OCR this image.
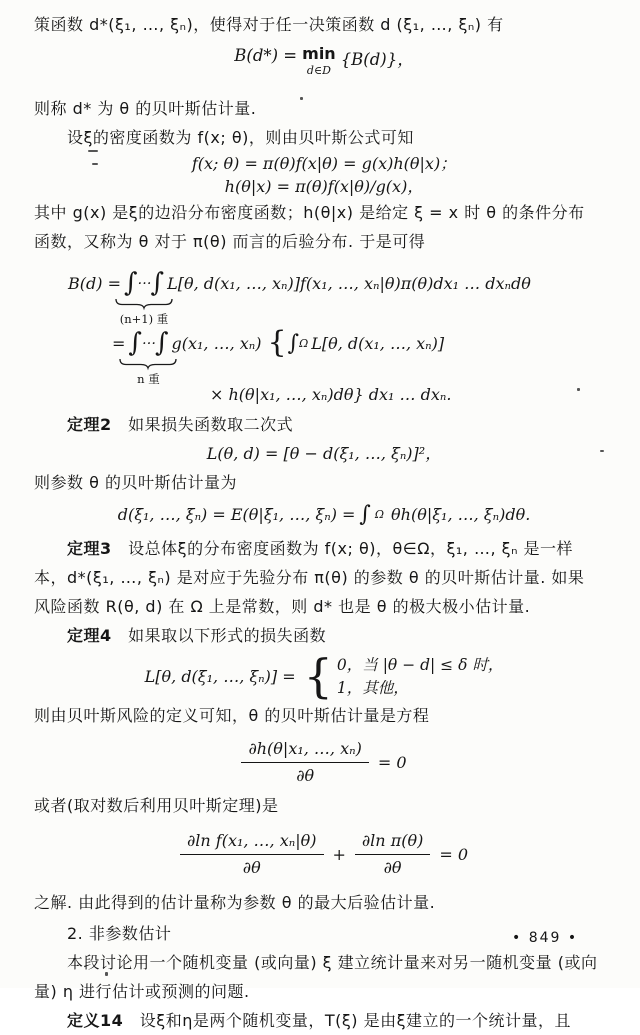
策函数 d*(ξ₁, …, ξₙ)，使得对于任一决策函数 d (ξ₁, …, ξₙ) 有

B(d*) = min
d∈D
{B(d)}，

则称 d* 为 θ 的贝叶斯估计量.

设ξ的密度函数为 f(x; θ)，则由贝叶斯公式可知

f(x; θ) = π(θ)f(x|θ) = g(x)h(θ|x)；

h(θ|x) = π(θ)f(x|θ)/g(x)，

其中 g(x) 是ξ的边沿分布密度函数；h(θ|x) 是给定 ξ = x 时 θ 的条件分布

函数，又称为 θ 对于 π(θ) 而言的后验分布. 于是可得

B(d) = ∫…∫
(n+1) 重
L[θ, d(x₁, …, xₙ)]f(x₁, …, xₙ|θ)π(θ)dx₁ … dxₙdθ
= ∫…∫
n 重
g(x₁, …, xₙ) { ∫ Ω L[θ, d(x₁, …, xₙ)]

× h(θ|x₁, …, xₙ)dθ} dx₁ … dxₙ.

定理2　 如果损失函数取二次式

L(θ, d) = [θ − d(ξ₁, …, ξₙ)]²，

则参数 θ 的贝叶斯估计量为

d(ξ₁, …, ξₙ) = E(θ|ξ₁, …, ξₙ) = ∫ Ω θh(θ|ξ₁, …, ξₙ)dθ.

定理3　 设总体ξ的分布密度函数为 f(x; θ)，θ∈Ω，ξ₁, …, ξₙ 是一样

本，d*(ξ₁, …, ξₙ) 是对应于先验分布 π(θ) 的参数 θ 的贝叶斯估计量. 如果

风险函数 R(θ, d) 在 Ω 上是常数，则 d* 也是 θ 的极大极小估计量.

定理4　 如果取以下形式的损失函数

L[θ, d(ξ₁, …, ξₙ)] = { 0，当 |θ − d| ≤ δ 时，
1，其他，

则由贝叶斯风险的定义可知，θ 的贝叶斯估计量是方程

$\frac{\text{∂h(θ|x₁, …, xₙ)}}{\partial\theta} = 0$

或者(取对数后利用贝叶斯定理)是

$\frac{\text{∂ln f(x₁, …, xₙ|θ)}}{\partial\theta} + \frac{\text{∂ln π(θ)}}{\partial\theta} = 0$

之解. 由此得到的估计量称为参数 θ 的最大后验估计量.

2. 非参数估计

本段讨论用一个随机变量 (或向量) ξ 建立统计量来对另一随机变量 (或向

量) η 进行估计或预测的问题.

定义14　 设ξ和η是两个随机变量，T(ξ) 是由ξ建立的一个统计量，且

• 849 •
